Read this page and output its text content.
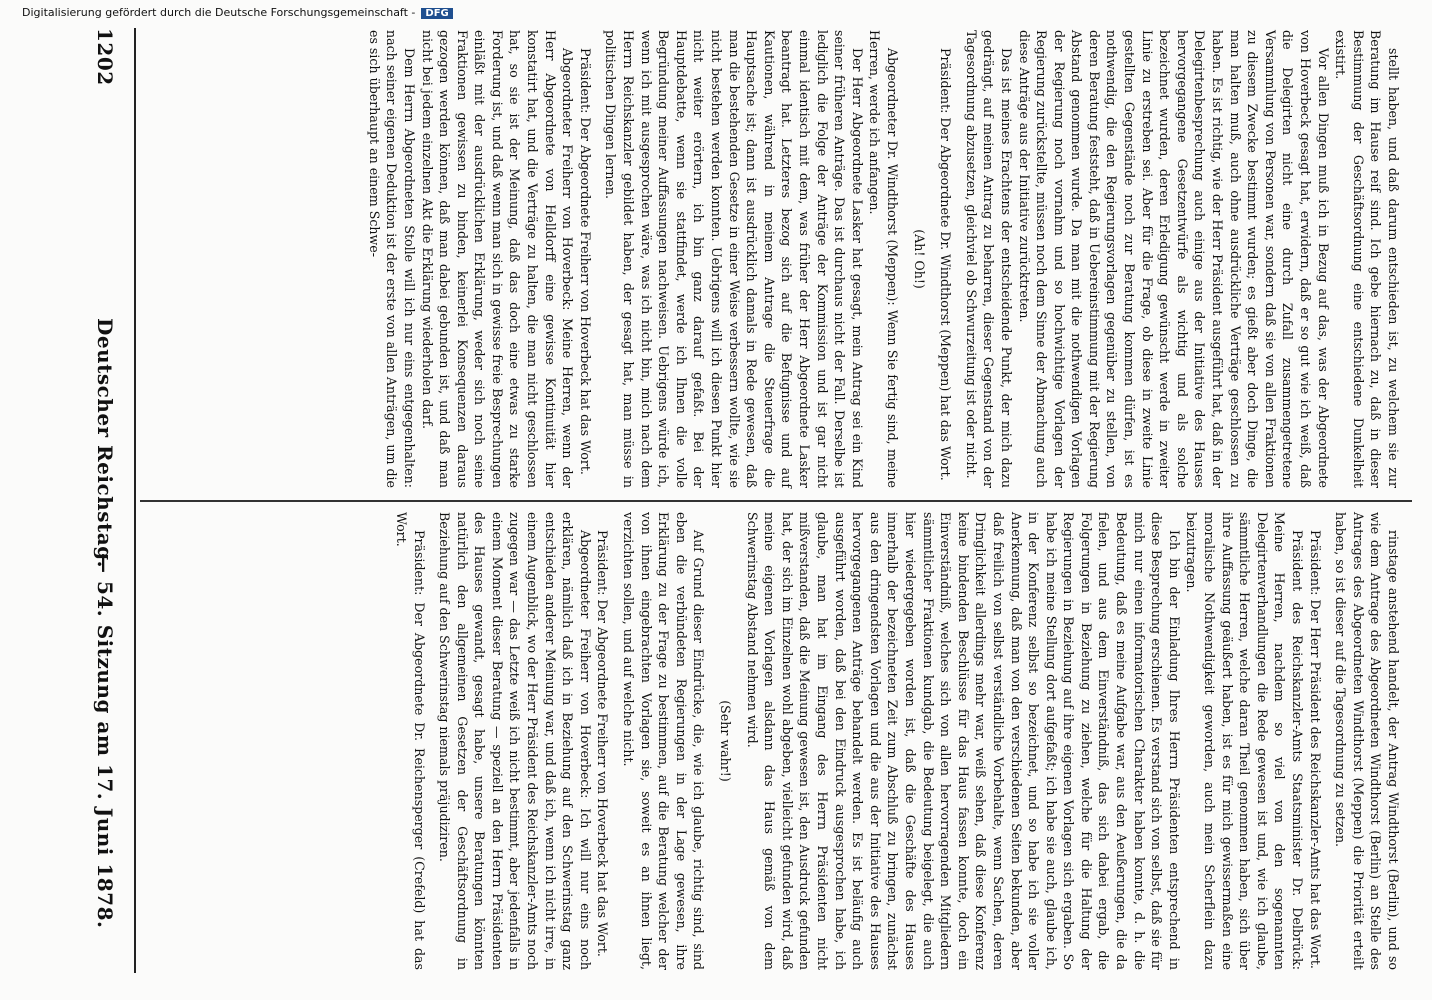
1202
Deutscher Reichstag.
— 54. Sitzung am 17. Juni 1878.

stellt haben, und daß darum entschieden ist, zu welchem sie zur Beratung im Hause reif sind. Ich gebe hiernach zu, daß in dieser Bestimmung der Geschäftsordnung eine entschiedene Dunkelheit existirt.

Vor allen Dingen muß ich in Bezug auf das, was der Abgeordnete von Hoverbeck gesagt hat, erwidern, daß er so gut wie ich weiß, daß die Delegirten nicht eine durch Zufall zusammengetretene Versammlung von Personen war, sondern daß sie von allen Fraktionen zu diesem Zwecke bestimmt wurden; es gießt aber doch Dinge, die man halten muß, auch ohne ausdrückliche Verträge geschlossen zu haben. Es ist richtig, wie der Herr Präsident ausgeführt hat, daß in der Delegirtenbesprechung auch einige aus der Initiative des Hauses hervorgegangene Gesetzentwürfe als wichtig und als solche bezeichnet wurden, deren Erledigung gewünscht werde in zweiter Linie zu erstreben sei. Aber für die Frage, ob diese in zweite Linie gestellten Gegenstände noch zur Beratung kommen dürfen, ist es nothwendig, die den Regierungsvorlagen gegenüber zu stellen, von deren Beratung feststeht, daß in Uebereinstimmung mit der Regierung Abstand genommen wurde. Da man mit die nothwendigen Vorlagen der Regierung noch vornahm und so hochwichtige Vorlagen der Regierung zurückstellte, müssen noch dem Sinne der Abmachung auch diese Anträge aus der Initiative zurücktreten.

Das ist meines Erachtens der entscheidende Punkt, der mich dazu gedrängt, auf meinen Antrag zu beharren, dieser Gegenstand von der Tagesordnung abzusetzen, gleichviel ob Schwurzeitung ist oder nicht.

Präsident: Der Abgeordnete Dr. Windthorst (Meppen) hat das Wort.

(Ah! Oh!)

Abgeordneter Dr. Windthorst (Meppen): Wenn Sie fertig sind, meine Herren, werde ich anfangen.

Der Herr Abgeordnete Lasker hat gesagt, mein Antrag sei ein Kind seiner früheren Anträge. Das ist durchaus nicht der Fall. Derselbe ist lediglich die Folge der Anträge der Kommission und ist gar nicht einmal identisch mit dem, was früher der Herr Abgeordnete Lasker beantragt hat. Letzteres bezog sich auf die Befugnisse und auf Kautionen, während in meinem Antrage die Steuerfrage die Hauptsache ist; dann ist ausdrücklich damals in Rede gewesen, daß man die bestehenden Gesetze in einer Weise verbessern wollte, wie sie nicht bestehen werden konnten. Uebrigens will ich diesen Punkt hier nicht weiter erörtern, ich bin ganz darauf gefaßt. Bei der Hauptdebatte, wenn sie stattfindet, werde ich Ihnen die volle Begründung meiner Auffassungen nachweisen. Uebrigens würde ich, wenn ich mit ausgesprochen wäre, was ich nicht bin, mich nach dem Herrn Reichskanzler gebildet haben, der gesagt hat, man müsse in politischen Dingen lernen.

Präsident: Der Abgeordnete Freiherr von Hoverbeck hat das Wort.

Abgeordneter Freiherr von Hoverbeck: Meine Herren, wenn der Herr Abgeordnete von Helldorff eine gewisse Kontinuität hier konstatirt hat, und die Verträge zu halten, die man nicht geschlossen hat, so sie ist der Meinung, daß das doch eine etwas zu starke Forderung ist, und daß wenn man sich in gewisse freie Besprechungen einläßt mit der ausdrücklichen Erklärung, weder sich noch seine Fraktionen gewissen zu binden, keinerlei Konsequenzen daraus gezogen werden können, daß man dabei gebunden ist, und daß man nicht bei jedem einzelnen Akt die Erklärung wiederholen darf.

Dem Herrn Abgeordneten Stolle will ich nur eins entgegenhalten: nach seiner eigenen Deduktion ist der erste von allen Anträgen, um die es sich überhaupt an einem Schwe-

rinstage anstehend handelt, der Antrag Windthorst (Berlin), und so wie dem Antrage des Abgeordneten Windthorst (Berlin) an Stelle des Antrages des Abgeordneten Windthorst (Meppen) die Priorität erteilt haben, so ist dieser auf die Tagesordnung zu setzen.

Präsident: Der Herr Präsident des Reichskanzler-Amts hat das Wort.

Präsident des Reichskanzler-Amts Staatsminister Dr. Delbrück: Meine Herren, nachdem so viel von den sogenannten Delegirtenverhandlungen die Rede gewesen ist und, wie ich glaube, sämmtliche Herren, welche daran Theil genommen haben, sich über ihre Auffassung geäußert haben, ist es für mich gewissermaßen eine moralische Nothwendigkeit geworden, auch mein Scherflein dazu beizutragen.

Ich bin der Einladung Ihres Herrn Präsidenten entsprechend in diese Besprechung erschienen. Es verstand sich von selbst, daß sie für mich nur einen informatorischen Charakter haben konnte, d. h. die Bedeutung, daß es meine Aufgabe war, aus den Aeußerungen, die da fielen, und aus dem Einverständniß, das sich dabei ergab, die Folgerungen in Beziehung zu ziehen, welche für die Haltung der Regierungen in Beziehung auf ihre eigenen Vorlagen sich ergaben. So habe ich meine Stellung dort aufgefaßt; ich habe sie auch, glaube ich, in der Konferenz selbst so bezeichnet, und so habe ich sie voller Anerkennung, daß man von den verschiedenen Seiten bekunden, aber daß freilich von selbst verständliche Vorbehalte, wenn Sachen, deren Dringlichkeit allerdings mehr war, weiß sehen, daß diese Konferenz keine bindenden Beschlüsse für das Haus fassen konnte, doch ein Einverständniß, welches sich von allen hervorragenden Mitgliedern sämmtlicher Fraktionen kundgab, die Bedeutung beigelegt, die auch hier wiedergegeben worden ist, daß die Geschäfte des Hauses innerhalb der bezeichneten Zeit zum Abschluß zu bringen, zunächst aus den dringendsten Vorlagen und die aus der Initiative des Hauses hervorgegangenen Anträge behandelt werden. Es ist beläufig auch ausgeführt worden, daß bei den Eindruck ausgesprochen habe, ich glaube, man hat im Eingang des Herrn Präsidenten nicht mißverstanden, daß die Meinung gewesen ist, den Ausdruck gefunden hat, der sich im Einzelnen wohl abgeben, vielleicht gefunden wird, daß meine eigenen Vorlagen alsdann das Haus gemäß von dem Schwerinstag Abstand nehmen wird.

(Sehr wahr!)

Auf Grund dieser Eindrücke, die, wie ich glaube, richtig sind, sind eben die verbündeten Regierungen in der Lage gewesen, ihre Erklärung zu der Frage zu bestimmen, auf die Beratung welcher der von ihnen eingebrachten Vorlagen sie, soweit es an ihnen liegt, verzichten sollen, und auf welche nicht.

Präsident: Der Abgeordnete Freiherr von Hoverbeck hat das Wort.

Abgeordneter Freiherr von Hoverbeck: Ich will nur eins noch erklären, nämlich daß ich in Beziehung auf den Schwerinstag ganz entschieden anderer Meinung war, und daß ich, wenn ich nicht irre, in einem Augenblick, wo der Herr Präsident des Reichskanzler-Amts noch zugegen war — das Letzte weiß ich nicht bestimmt, aber jedenfalls in einem Moment dieser Beratung — speziell an den Herrn Präsidenten des Hauses gewandt, gesagt habe, unsere Beratungen könnten natürlich den allgemeinen Gesetzen der Geschäftsordnung in Beziehung auf den Schwerinstag niemals präjudiziren.

Präsident: Der Abgeordnete Dr. Reichensperger (Crefeld) hat das Wort.

Digitalisierung gefördert durch die Deutsche Forschungsgemeinschaft - DFG
